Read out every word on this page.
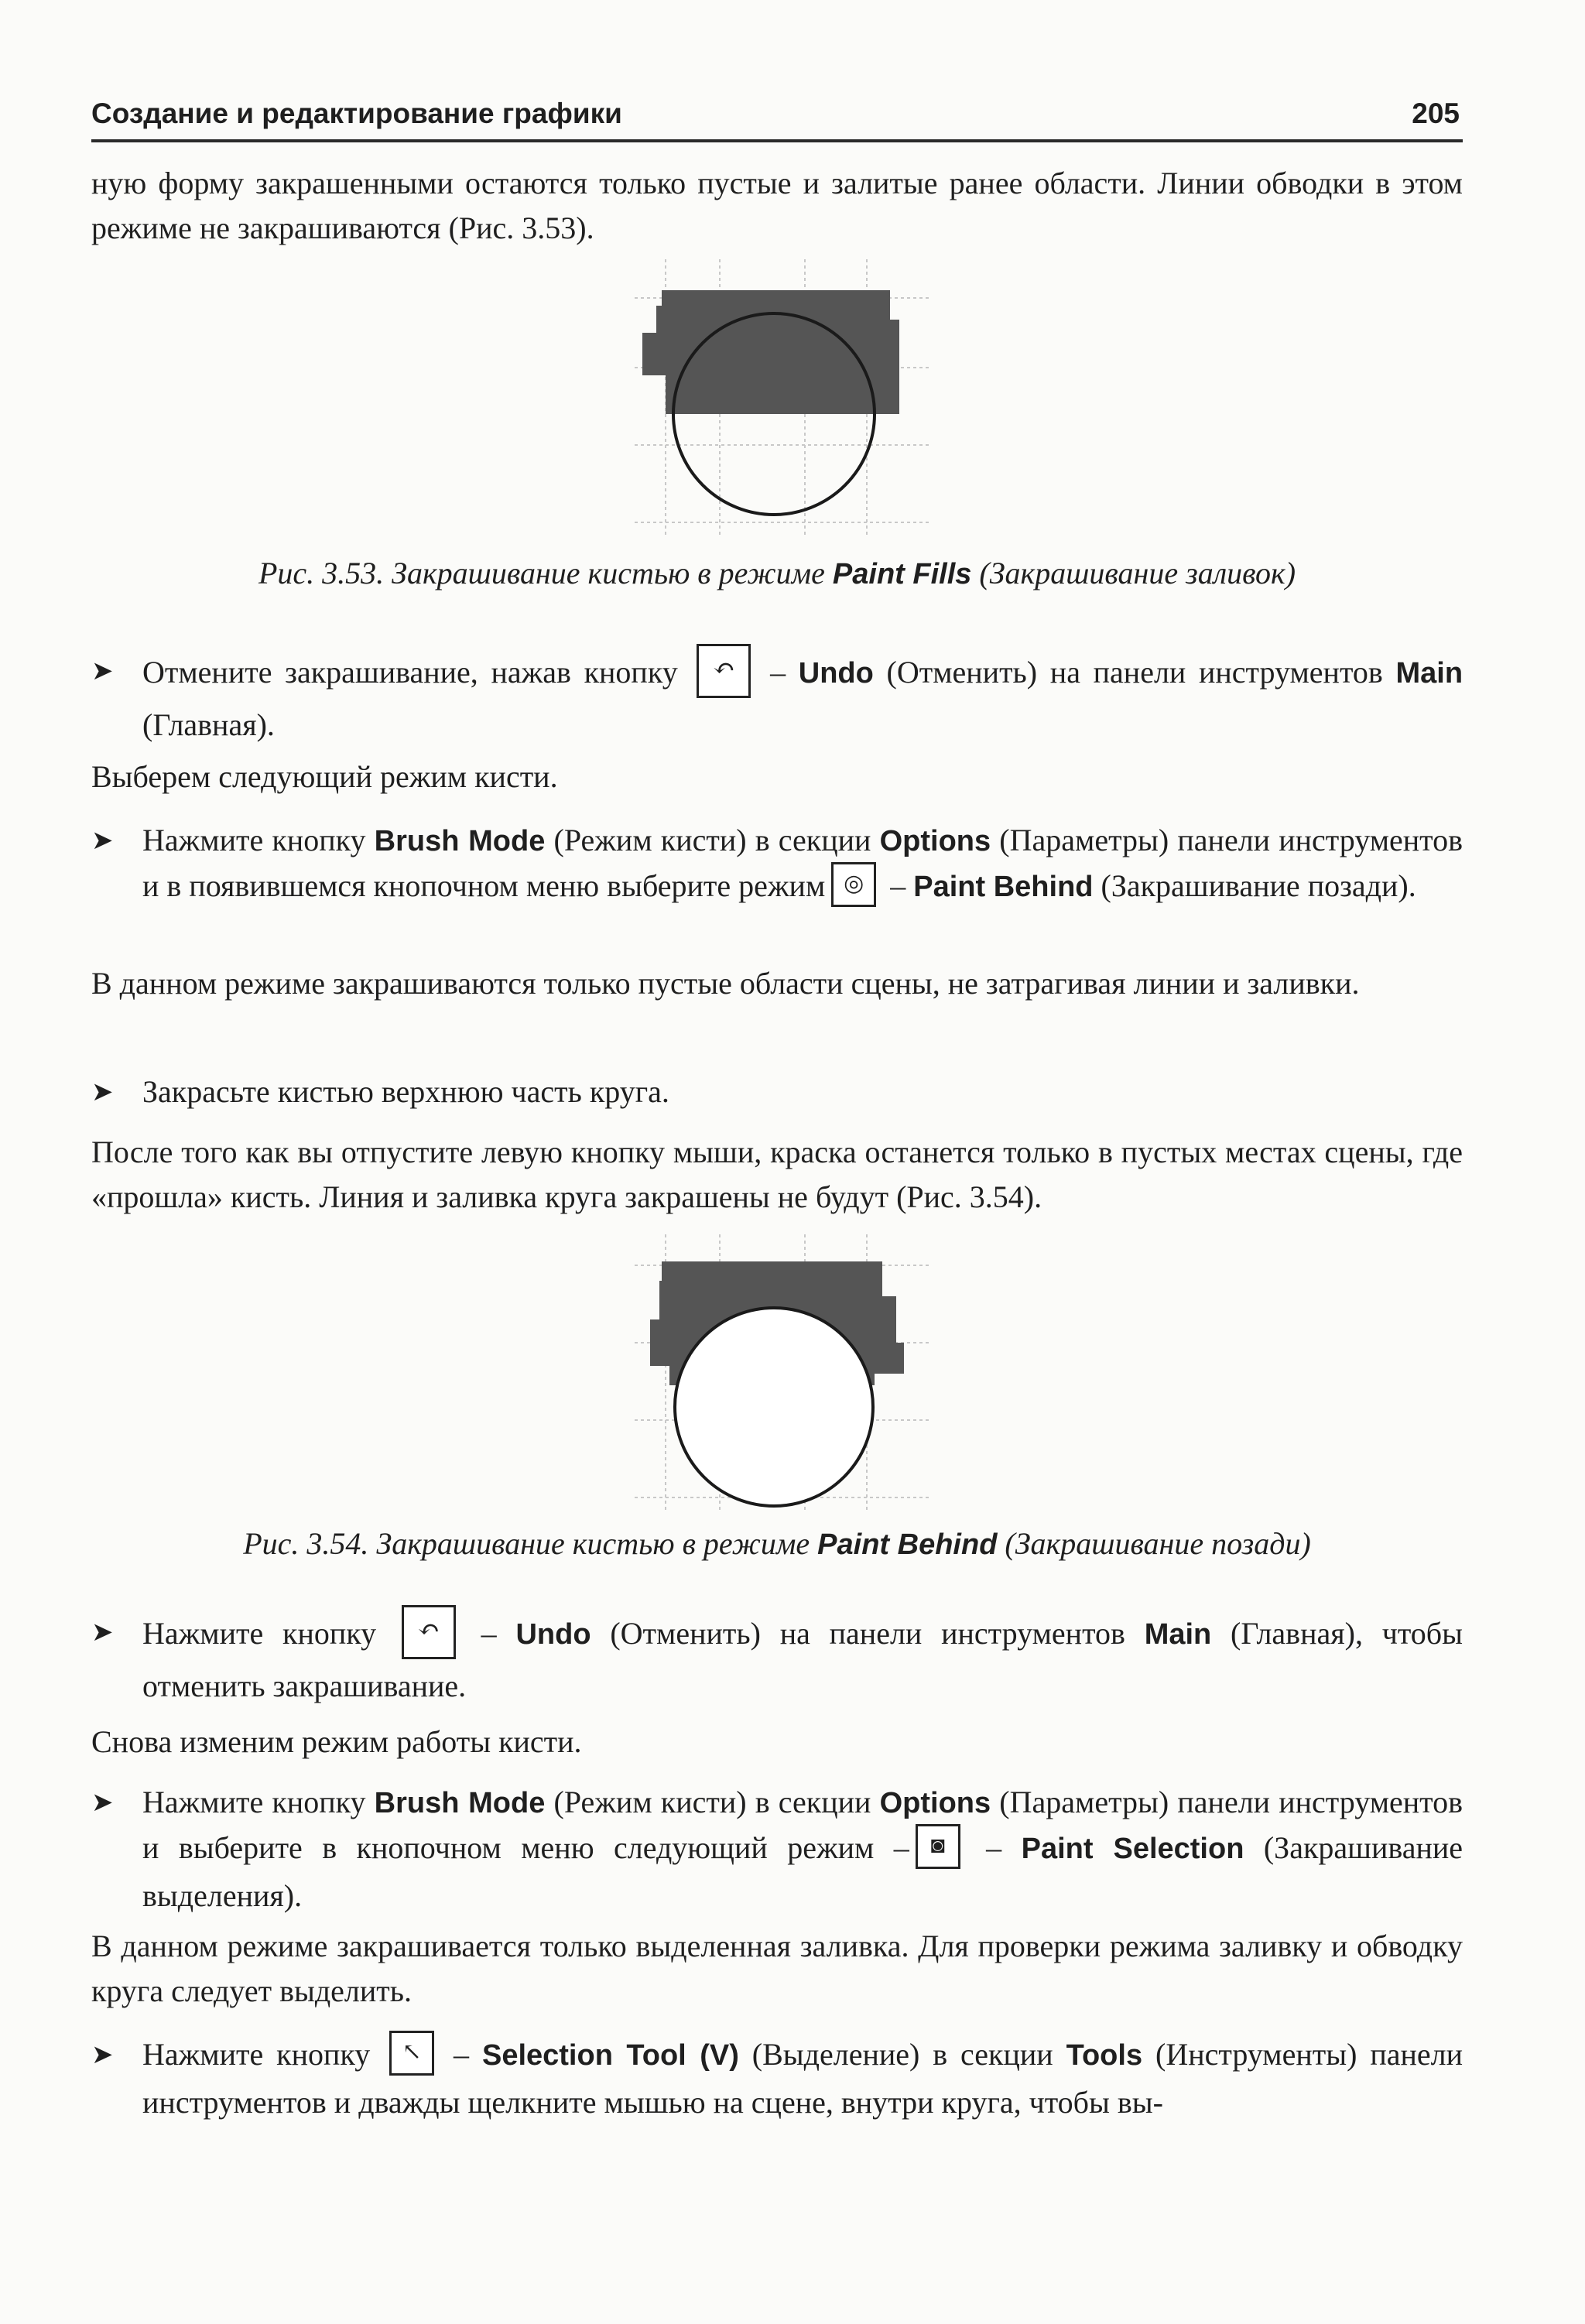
Создание и редактирование графики	205
ную форму закрашенными остаются только пустые и залитые ранее области. Линии обводки в этом режиме не закрашиваются (Рис. 3.53).
Рис. 3.53. Закрашивание кистью в режиме Paint Fills (Закрашивание заливок)
➤ Отмените закрашивание, нажав кнопку ↶ – Undo (Отменить) на панели инструментов Main (Главная).
Выберем следующий режим кисти.
➤ Нажмите кнопку Brush Mode (Режим кисти) в секции Options (Параметры) панели инструментов и в появившемся кнопочном меню выберите режим ◎ – Paint Behind (Закрашивание позади).
В данном режиме закрашиваются только пустые области сцены, не затрагивая линии и заливки.
➤ Закрасьте кистью верхнюю часть круга.
После того как вы отпустите левую кнопку мыши, краска останется только в пустых местах сцены, где «прошла» кисть. Линия и заливка круга закрашены не будут (Рис. 3.54).
Рис. 3.54. Закрашивание кистью в режиме Paint Behind (Закрашивание позади)
➤ Нажмите кнопку ↶ – Undo (Отменить) на панели инструментов Main (Главная), чтобы отменить закрашивание.
Снова изменим режим работы кисти.
➤ Нажмите кнопку Brush Mode (Режим кисти) в секции Options (Параметры) панели инструментов и выберите в кнопочном меню следующий режим – ◙ – Paint Selection (Закрашивание выделения).
В данном режиме закрашивается только выделенная заливка. Для проверки режима заливку и обводку круга следует выделить.
➤ Нажмите кнопку ↖ – Selection Tool (V) (Выделение) в секции Tools (Инструменты) панели инструментов и дважды щелкните мышью на сцене, внутри круга, чтобы вы-
